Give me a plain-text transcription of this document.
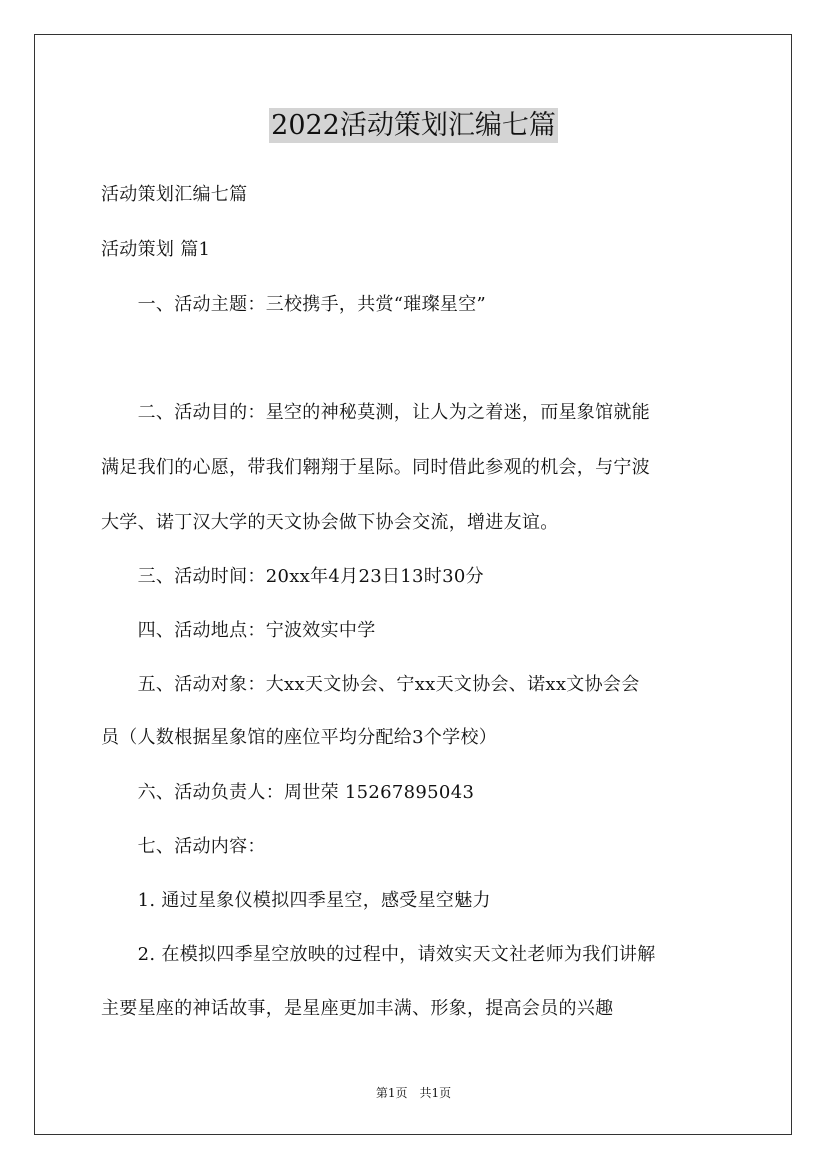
2022活动策划汇编七篇
活动策划汇编七篇
活动策划 篇1
　　一、活动主题：三校携手，共赏“璀璨星空”
　　二、活动目的：星空的神秘莫测，让人为之着迷，而星象馆就能
满足我们的心愿，带我们翱翔于星际。同时借此参观的机会，与宁波
大学、诺丁汉大学的天文协会做下协会交流，增进友谊。
　　三、活动时间：20xx年4月23日13时30分
　　四、活动地点：宁波效实中学
　　五、活动对象：大xx天文协会、宁xx天文协会、诺xx文协会会
员（人数根据星象馆的座位平均分配给3个学校）
　　六、活动负责人：周世荣 15267895043
　　七、活动内容：
　　1. 通过星象仪模拟四季星空，感受星空魅力
　　2. 在模拟四季星空放映的过程中，请效实天文社老师为我们讲解
主要星座的神话故事，是星座更加丰满、形象，提高会员的兴趣
第1页　共1页
